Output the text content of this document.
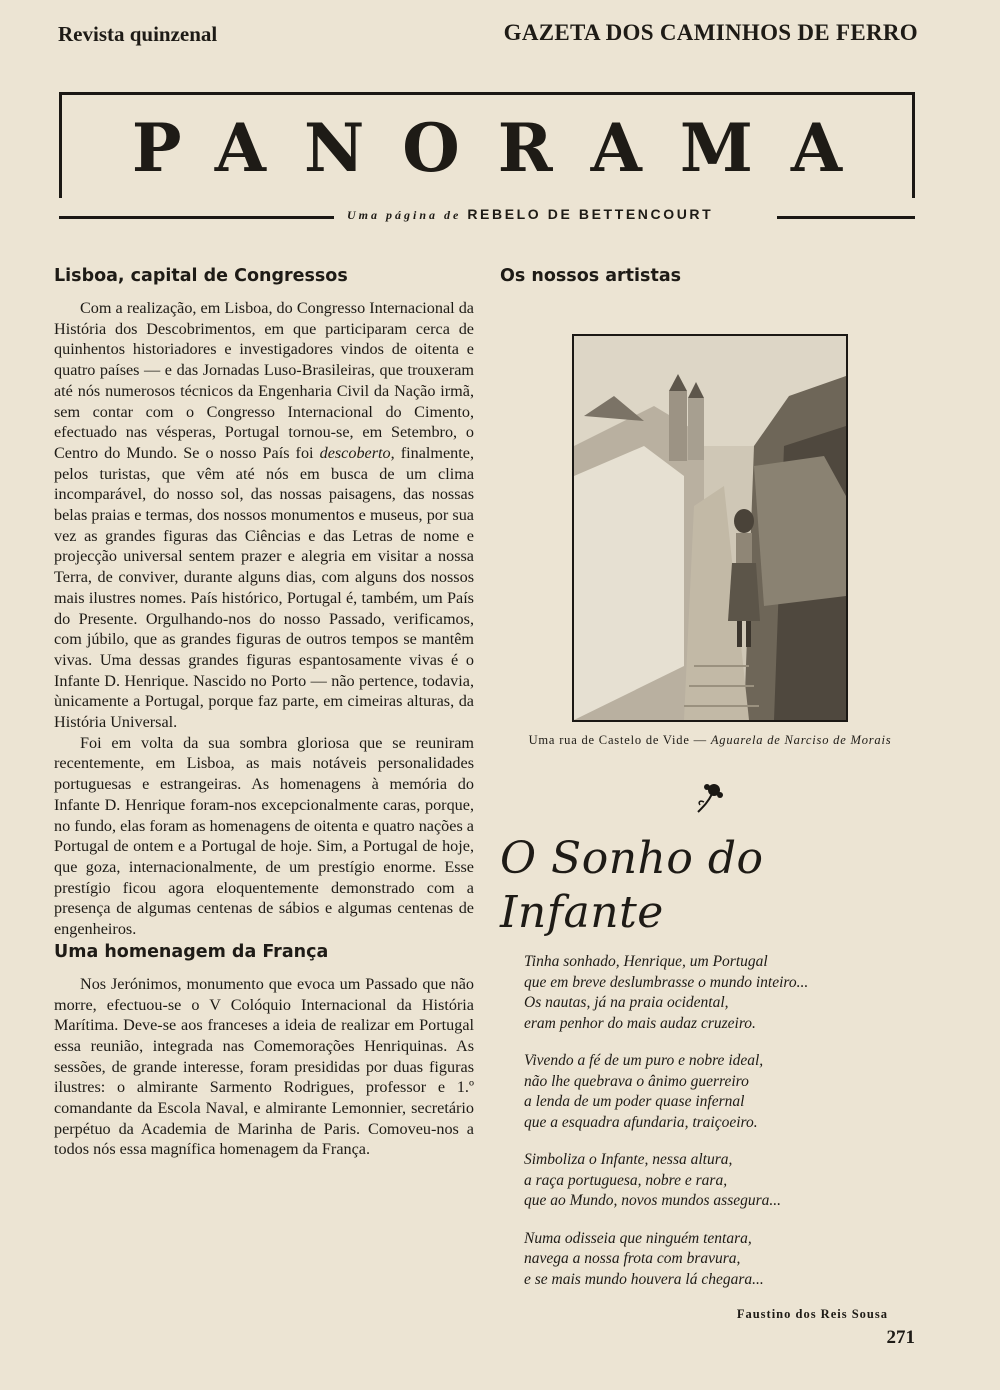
Revista quinzenal	GAZETA DOS CAMINHOS DE FERRO
PANORAMA
Uma página de REBELO DE BETTENCOURT
Lisboa, capital de Congressos

Com a realização, em Lisboa, do Congresso Internacional da História dos Descobrimentos, em que participaram cerca de quinhentos historiadores e investigadores vindos de oitenta e quatro países — e das Jornadas Luso-Brasileiras, que trouxeram até nós numerosos técnicos da Engenharia Civil da Nação irmã, sem contar com o Congresso Internacional do Cimento, efectuado nas vésperas, Portugal tornou-se, em Setembro, o Centro do Mundo. Se o nosso País foi descoberto, finalmente, pelos turistas, que vêm até nós em busca de um clima incomparável, do nosso sol, das nossas paisagens, das nossas belas praias e termas, dos nossos monumentos e museus, por sua vez as grandes figuras das Ciências e das Letras de nome e projecção universal sentem prazer e alegria em visitar a nossa Terra, de conviver, durante alguns dias, com alguns dos nossos mais ilustres nomes. País histórico, Portugal é, também, um País do Presente. Orgulhando-nos do nosso Passado, verificamos, com júbilo, que as grandes figuras de outros tempos se mantêm vivas. Uma dessas grandes figuras espantosamente vivas é o Infante D. Henrique. Nascido no Porto — não pertence, todavia, ùnicamente a Portugal, porque faz parte, em cimeiras alturas, da História Universal.

Foi em volta da sua sombra gloriosa que se reuniram recentemente, em Lisboa, as mais notáveis personalidades portuguesas e estrangeiras. As homenagens à memória do Infante D. Henrique foram-nos excepcionalmente caras, porque, no fundo, elas foram as homenagens de oitenta e quatro nações a Portugal de ontem e a Portugal de hoje. Sim, a Portugal de hoje, que goza, internacionalmente, de um prestígio enorme. Esse prestígio ficou agora eloquentemente demonstrado com a presença de algumas centenas de sábios e algumas centenas de engenheiros.

Uma homenagem da França

Nos Jerónimos, monumento que evoca um Passado que não morre, efectuou-se o V Colóquio Internacional da História Marítima. Deve-se aos franceses a ideia de realizar em Portugal essa reunião, integrada nas Comemorações Henriquinas. As sessões, de grande interesse, foram presididas por duas figuras ilustres: o almirante Sarmento Rodrigues, professor e 1.º comandante da Escola Naval, e almirante Lemonnier, secretário perpétuo da Academia de Marinha de Paris. Comoveu-nos a todos nós essa magnífica homenagem da França.

Os nossos artistas
Uma rua de Castelo de Vide — Aguarela de Narciso de Morais
O Sonho do Infante
Tinha sonhado, Henrique, um Portugal
que em breve deslumbrasse o mundo inteiro...
Os nautas, já na praia ocidental,
eram penhor do mais audaz cruzeiro.
Vivendo a fé de um puro e nobre ideal,
não lhe quebrava o ânimo guerreiro
a lenda de um poder quase infernal
que a esquadra afundaria, traiçoeiro.
Simboliza o Infante, nessa altura,
a raça portuguesa, nobre e rara,
que ao Mundo, novos mundos assegura...
Numa odisseia que ninguém tentara,
navega a nossa frota com bravura,
e se mais mundo houvera lá chegara...
Faustino dos Reis Sousa
271
